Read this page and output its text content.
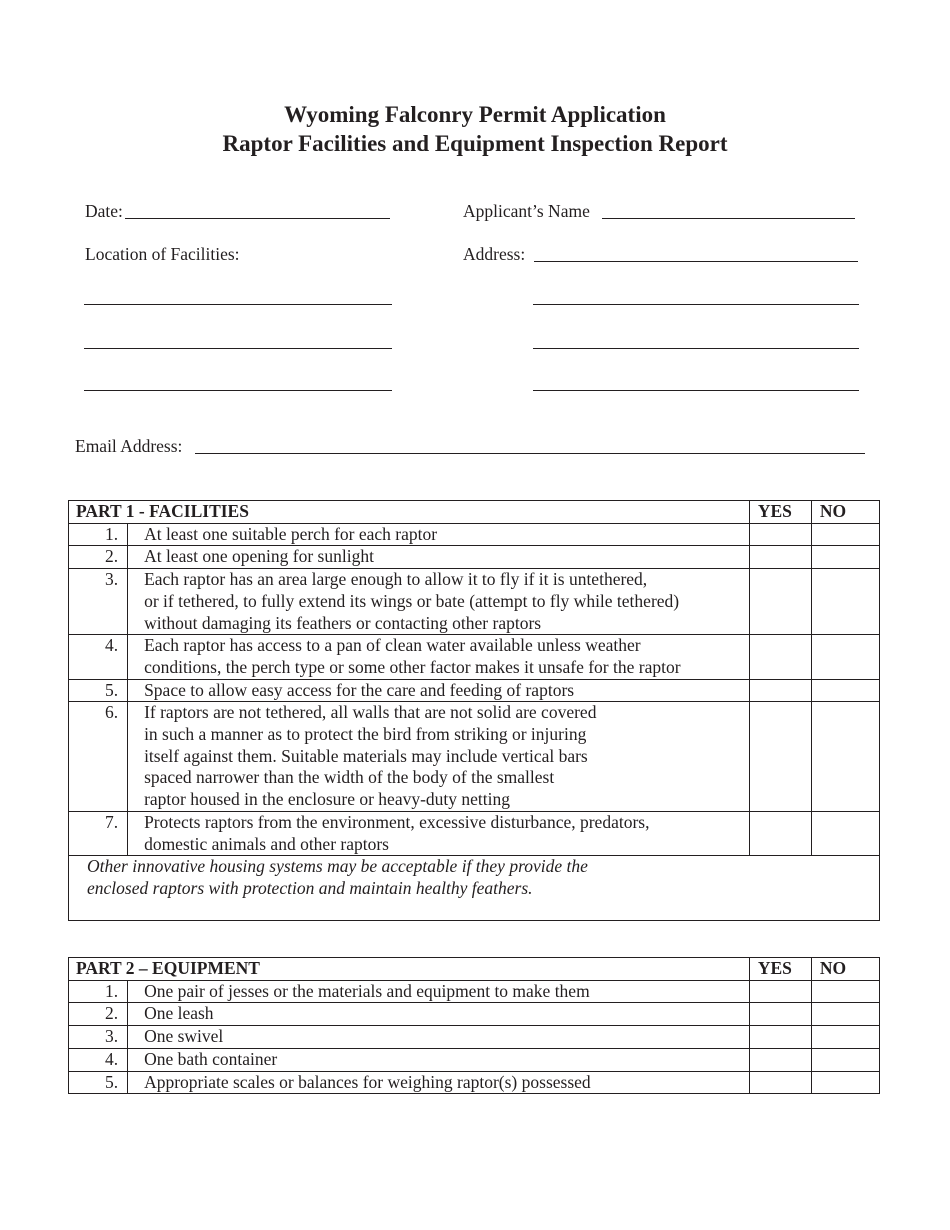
Wyoming Falconry Permit Application
Raptor Facilities and Equipment Inspection Report
Date:	Applicant’s Name
Location of Facilities:	Address:
Email Address:
PART 1 - FACILITIES		YES	NO
1.	At least one suitable perch for each raptor		

2.	At least one opening for sunlight		

3.	Each raptor has an area large enough to allow it to fly if it is untethered,
or if tethered, to fully extend its wings or bate (attempt to fly while tethered)
without damaging its feathers or contacting other raptors		

4.	Each raptor has access to a pan of clean water available unless weather
conditions, the perch type or some other factor makes it unsafe for the raptor		

5.	Space to allow easy access for the care and feeding of raptors		

6.	If raptors are not tethered, all walls that are not solid are covered
in such a manner as to protect the bird from striking or injuring
itself against them. Suitable materials may include vertical bars
spaced narrower than the width of the body of the smallest
raptor housed in the enclosure or heavy-duty netting		

7.	Protects raptors from the environment, excessive disturbance, predators,
domestic animals and other raptors		

Other innovative housing systems may be acceptable if they provide the
enclosed raptors with protection and maintain healthy feathers.			
PART 2 – EQUIPMENT		YES	NO
1.	One pair of jesses or the materials and equipment to make them		

2.	One leash		

3.	One swivel		

4.	One bath container		

5.	Appropriate scales or balances for weighing raptor(s) possessed		
